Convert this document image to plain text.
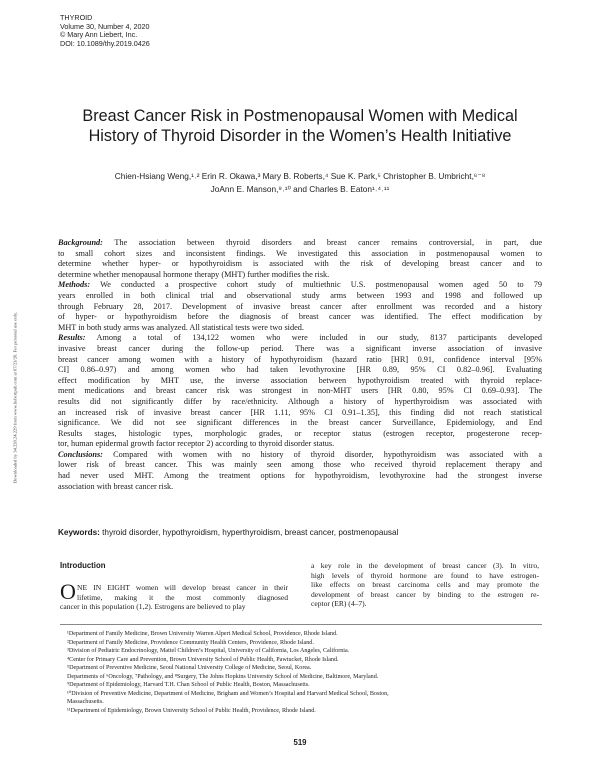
THYROID
Volume 30, Number 4, 2020
© Mary Ann Liebert, Inc.
DOI: 10.1089/thy.2019.0426
Downloaded by 34.228.24.229 from www.liebertpub.com at 07/23/20. For personal use only.
Breast Cancer Risk in Postmenopausal Women with Medical
History of Thyroid Disorder in the Women’s Health Initiative
Chien-Hsiang Weng,¹˒² Erin R. Okawa,³ Mary B. Roberts,⁴ Sue K. Park,⁵ Christopher B. Umbricht,⁶⁻⁸
JoAnn E. Manson,⁹˒¹⁰ and Charles B. Eaton¹˒⁴˒¹¹
Background: The association between thyroid disorders and breast cancer remains controversial, in part, due
to small cohort sizes and inconsistent findings. We investigated this association in postmenopausal women to
determine whether hyper- or hypothyroidism is associated with the risk of developing breast cancer and to
determine whether menopausal hormone therapy (MHT) further modifies the risk.
Methods: We conducted a prospective cohort study of multiethnic U.S. postmenopausal women aged 50 to 79
years enrolled in both clinical trial and observational study arms between 1993 and 1998 and followed up
through February 28, 2017. Development of invasive breast cancer after enrollment was recorded and a history
of hyper- or hypothyroidism before the diagnosis of breast cancer was identified. The effect modification by
MHT in both study arms was analyzed. All statistical tests were two sided.
Results: Among a total of 134,122 women who were included in our study, 8137 participants developed
invasive breast cancer during the follow-up period. There was a significant inverse association of invasive
breast cancer among women with a history of hypothyroidism (hazard ratio [HR] 0.91, confidence interval [95%
CI] 0.86–0.97) and among women who had taken levothyroxine [HR 0.89, 95% CI 0.82–0.96]. Evaluating
effect modification by MHT use, the inverse association between hypothyroidism treated with thyroid replace-
ment medications and breast cancer risk was strongest in non-MHT users [HR 0.80, 95% CI 0.69–0.93]. The
results did not significantly differ by race/ethnicity. Although a history of hyperthyroidism was associated with
an increased risk of invasive breast cancer [HR 1.11, 95% CI 0.91–1.35], this finding did not reach statistical
significance. We did not see significant differences in the breast cancer Surveillance, Epidemiology, and End
Results stages, histologic types, morphologic grades, or receptor status (estrogen receptor, progesterone recep-
tor, human epidermal growth factor receptor 2) according to thyroid disorder status.
Conclusions: Compared with women with no history of thyroid disorder, hypothyroidism was associated with a
lower risk of breast cancer. This was mainly seen among those who received thyroid replacement therapy and
had never used MHT. Among the treatment options for hypothyroidism, levothyroxine had the strongest inverse
association with breast cancer risk.
Keywords: thyroid disorder, hypothyroidism, hyperthyroidism, breast cancer, postmenopausal
Introduction
O NE IN EIGHT women will develop breast cancer in their
lifetime, making it the most commonly diagnosed
cancer in this population (1,2). Estrogens are believed to play
a key role in the development of breast cancer (3). In vitro,
high levels of thyroid hormone are found to have estrogen-
like effects on breast carcinoma cells and may promote the
development of breast cancer by binding to the estrogen re-
ceptor (ER) (4–7).
¹Department of Family Medicine, Brown University Warren Alpert Medical School, Providence, Rhode Island.
²Department of Family Medicine, Providence Community Health Centers, Providence, Rhode Island.
³Division of Pediatric Endocrinology, Mattel Children’s Hospital, University of California, Los Angeles, California.
⁴Center for Primary Care and Prevention, Brown University School of Public Health, Pawtucket, Rhode Island.
⁵Department of Preventive Medicine, Seoul National University College of Medicine, Seoul, Korea.
Departments of ⁶Oncology, ⁷Pathology, and ⁸Surgery, The Johns Hopkins University School of Medicine, Baltimore, Maryland.
⁹Department of Epidemiology, Harvard T.H. Chan School of Public Health, Boston, Massachusetts.
¹⁰Division of Preventive Medicine, Department of Medicine, Brigham and Women’s Hospital and Harvard Medical School, Boston,
Massachusetts.
¹¹Department of Epidemiology, Brown University School of Public Health, Providence, Rhode Island.
519
